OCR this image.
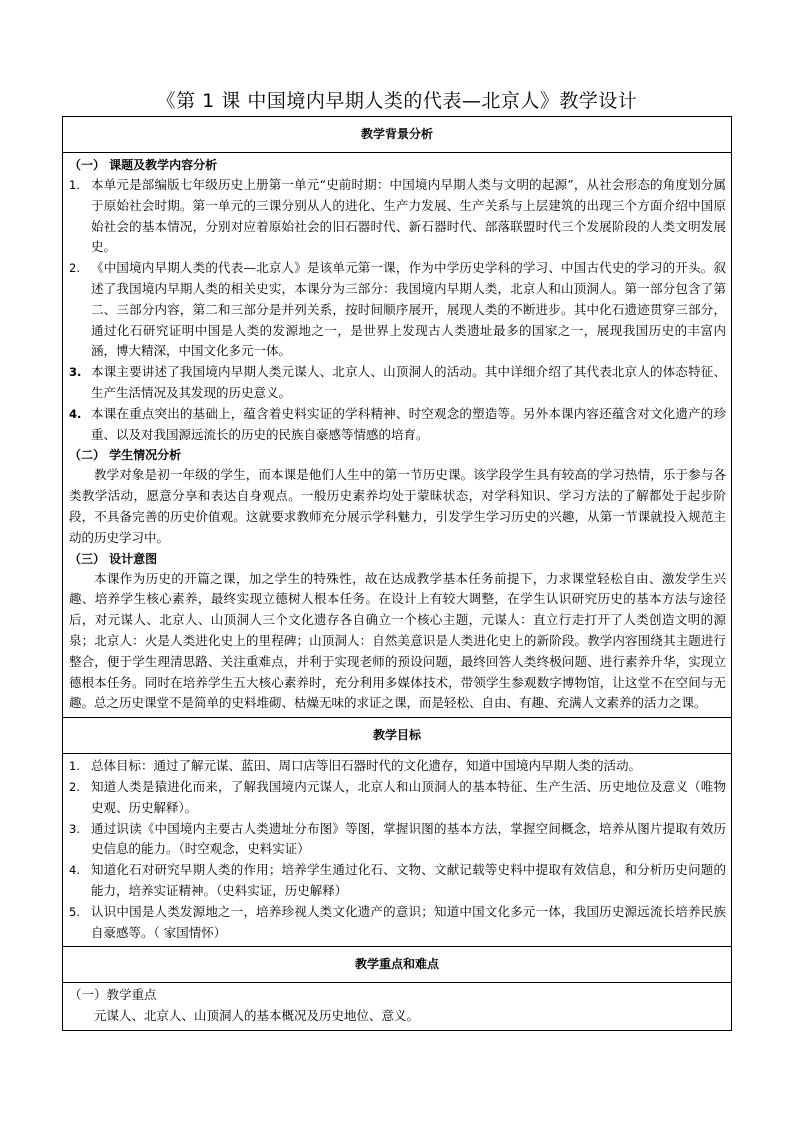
《第 1 课 中国境内早期人类的代表—北京人》教学设计
教学背景分析
（一） 课题及教学内容分析
1. 本单元是部编版七年级历史上册第一单元“史前时期：中国境内早期人类与文明的起源”，从社会形态的角度划分属于原始社会时期。第一单元的三课分别从人的进化、生产力发展、生产关系与上层建筑的出现三个方面介绍中国原始社会的基本情况，分别对应着原始社会的旧石器时代、新石器时代、部落联盟时代三个发展阶段的人类文明发展史。
2. 《中国境内早期人类的代表—北京人》是该单元第一课，作为中学历史学科的学习、中国古代史的学习的开头。叙述了我国境内早期人类的相关史实，本课分为三部分：我国境内早期人类，北京人和山顶洞人。第一部分包含了第二、三部分内容，第二和三部分是并列关系，按时间顺序展开，展现人类的不断进步。其中化石遗迹贯穿三部分，通过化石研究证明中国是人类的发源地之一，是世界上发现古人类遗址最多的国家之一，展现我国历史的丰富内涵，博大精深，中国文化多元一体。
3. 本课主要讲述了我国境内早期人类元谋人、北京人、山顶洞人的活动。其中详细介绍了其代表北京人的体态特征、生产生活情况及其发现的历史意义。
4. 本课在重点突出的基础上，蕴含着史料实证的学科精神、时空观念的塑造等。另外本课内容还蕴含对文化遗产的珍重、以及对我国源远流长的历史的民族自豪感等情感的培育。
（二） 学生情况分析
教学对象是初一年级的学生，而本课是他们人生中的第一节历史课。该学段学生具有较高的学习热情，乐于参与各类教学活动，愿意分享和表达自身观点。一般历史素养均处于蒙昧状态，对学科知识、学习方法的了解都处于起步阶段，不具备完善的历史价值观。这就要求教师充分展示学科魅力，引发学生学习历史的兴趣，从第一节课就投入规范主动的历史学习中。
（三） 设计意图
本课作为历史的开篇之课，加之学生的特殊性，故在达成教学基本任务前提下，力求课堂轻松自由、激发学生兴趣、培养学生核心素养，最终实现立德树人根本任务。在设计上有较大调整，在学生认识研究历史的基本方法与途径后，对元谋人、北京人、山顶洞人三个文化遗存各自确立一个核心主题，元谋人：直立行走打开了人类创造文明的源泉；北京人：火是人类进化史上的里程碑；山顶洞人：自然美意识是人类进化史上的新阶段。教学内容围绕其主题进行整合，便于学生理清思路、关注重难点，并利于实现老师的预设问题，最终回答人类终极问题、进行素养升华，实现立德根本任务。同时在培养学生五大核心素养时，充分利用多媒体技术，带领学生参观数字博物馆，让这堂不在空间与无趣。总之历史课堂不是简单的史料堆砌、枯燥无味的求证之课，而是轻松、自由、有趣、充满人文素养的活力之课。
教学目标
1. 总体目标：通过了解元谋、蓝田、周口店等旧石器时代的文化遗存，知道中国境内早期人类的活动。
2. 知道人类是猿进化而来，了解我国境内元谋人，北京人和山顶洞人的基本特征、生产生活、历史地位及意义（唯物史观、历史解释）。
3. 通过识读《中国境内主要古人类遗址分布图》等图，掌握识图的基本方法，掌握空间概念，培养从图片提取有效历史信息的能力。（时空观念，史料实证）
4. 知道化石对研究早期人类的作用；培养学生通过化石、文物、文献记载等史料中提取有效信息，和分析历史问题的能力，培养实证精神。（史料实证，历史解释）
5. 认识中国是人类发源地之一，培养珍视人类文化遗产的意识；知道中国文化多元一体，我国历史源远流长培养民族自豪感等。（ 家国情怀）
教学重点和难点
（一）教学重点
元谋人、北京人、山顶洞人的基本概况及历史地位、意义。
